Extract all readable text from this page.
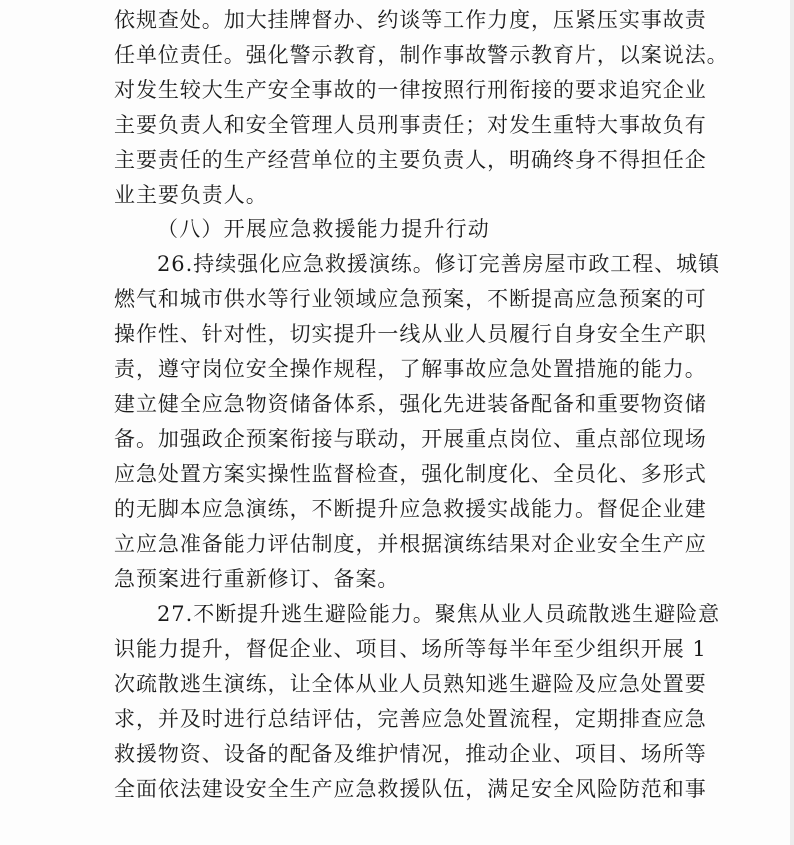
依规查处。加大挂牌督办、约谈等工作力度，压紧压实事故责
任单位责任。强化警示教育，制作事故警示教育片，以案说法。
对发生较大生产安全事故的一律按照行刑衔接的要求追究企业
主要负责人和安全管理人员刑事责任；对发生重特大事故负有
主要责任的生产经营单位的主要负责人，明确终身不得担任企
业主要负责人。
（八）开展应急救援能力提升行动
26.持续强化应急救援演练。修订完善房屋市政工程、城镇
燃气和城市供水等行业领域应急预案，不断提高应急预案的可
操作性、针对性，切实提升一线从业人员履行自身安全生产职
责，遵守岗位安全操作规程，了解事故应急处置措施的能力。
建立健全应急物资储备体系，强化先进装备配备和重要物资储
备。加强政企预案衔接与联动，开展重点岗位、重点部位现场
应急处置方案实操性监督检查，强化制度化、全员化、多形式
的无脚本应急演练，不断提升应急救援实战能力。督促企业建
立应急准备能力评估制度，并根据演练结果对企业安全生产应
急预案进行重新修订、备案。
27.不断提升逃生避险能力。聚焦从业人员疏散逃生避险意
识能力提升，督促企业、项目、场所等每半年至少组织开展 1
次疏散逃生演练，让全体从业人员熟知逃生避险及应急处置要
求，并及时进行总结评估，完善应急处置流程，定期排查应急
救援物资、设备的配备及维护情况，推动企业、项目、场所等
全面依法建设安全生产应急救援队伍，满足安全风险防范和事
